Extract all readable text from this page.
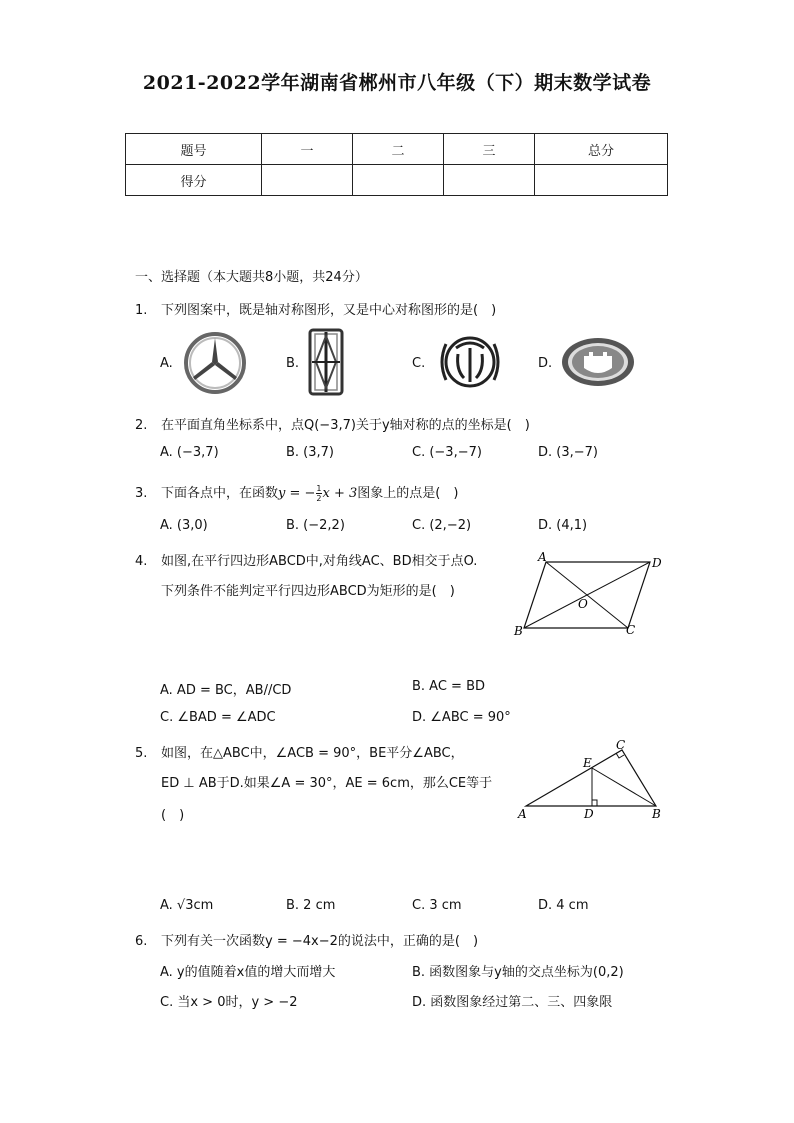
2021-2022学年湖南省郴州市八年级（下）期末数学试卷
题号	一	二	三	总分
得分				
一、选择题（本大题共8小题，共24分）
1. 下列图案中，既是轴对称图形，又是中心对称图形的是(　)
A.	B.	C.	D.
2. 在平面直角坐标系中，点Q(−3,7)关于y轴对称的点的坐标是(　)
A. (−3,7)	B. (3,7)	C. (−3,−7)	D. (3,−7)
3. 下面各点中，在函数y = − $\frac{1}{2}$ x + 3图象上的点是(　)
A. (3,0)	B. (−2,2)	C. (2,−2)	D. (4,1)
4. 如图,在平行四边形ABCD中,对角线AC、BD相交于点O.
下列条件不能判定平行四边形ABCD为矩形的是(　)
A	D
O
B	C
A. AD = BC，AB//CD	B. AC = BD
C. ∠BAD = ∠ADC	D. ∠ABC = 90°
5. 如图，在△ABC中，∠ACB = 90°，BE平分∠ABC，
ED ⊥ AB于D.如果∠A = 30°，AE = 6cm，那么CE等于
(　)
C
E
A	D	B
A. √3cm	B. 2 cm	C. 3 cm	D. 4 cm
6. 下列有关一次函数y = −4x−2的说法中，正确的是(　)
A. y的值随着x值的增大而增大	B. 函数图象与y轴的交点坐标为(0,2)
C. 当x > 0时，y > −2	D. 函数图象经过第二、三、四象限
